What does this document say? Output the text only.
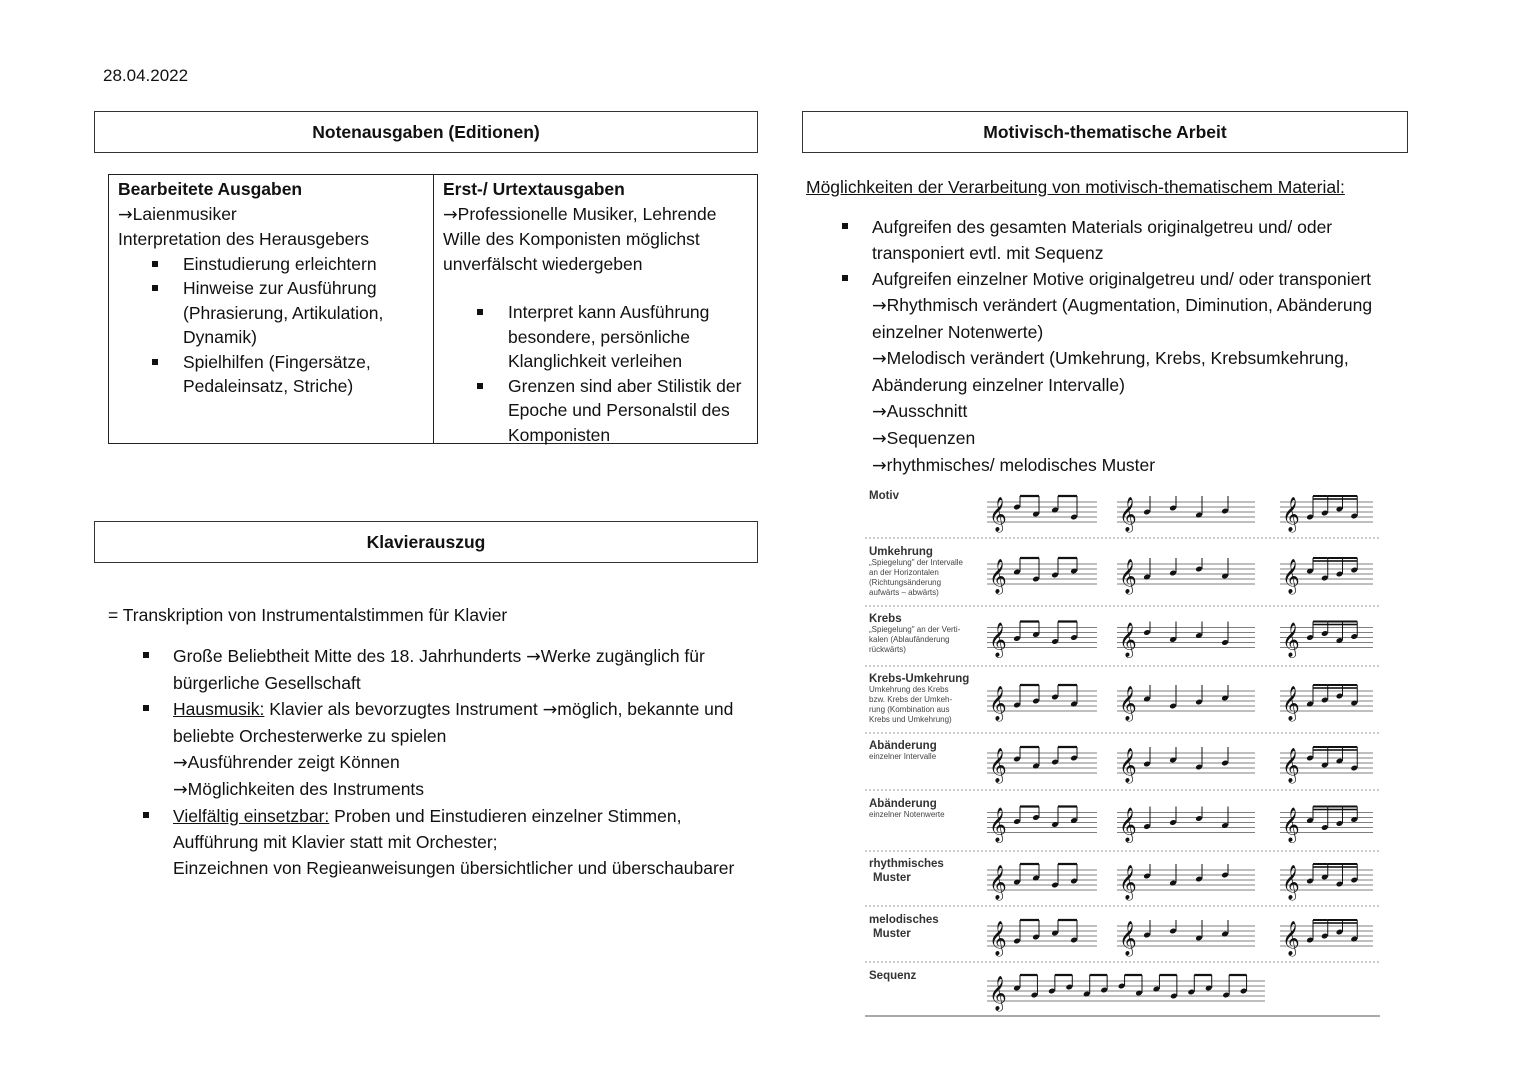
28.04.2022
Notenausgaben (Editionen)
Bearbeitete Ausgaben
→Laienmusiker
Interpretation des Herausgebers
Einstudierung erleichtern
Hinweise zur Ausführung (Phrasierung, Artikulation, Dynamik)
Spielhilfen (Fingersätze, Pedaleinsatz, Striche)
Erst-/ Urtextausgaben
→Professionelle Musiker, Lehrende
Wille des Komponisten möglichst unverfälscht wiedergeben
Interpret kann Ausführung besondere, persönliche Klanglichkeit verleihen
Grenzen sind aber Stilistik der Epoche und Personalstil des Komponisten
Klavierauszug
= Transkription von Instrumentalstimmen für Klavier
Große Beliebtheit Mitte des 18. Jahrhunderts →Werke zugänglich für bürgerliche Gesellschaft
Hausmusik: Klavier als bevorzugtes Instrument →möglich, bekannte und beliebte Orchesterwerke zu spielen
→Ausführender zeigt Können
→Möglichkeiten des Instruments
Vielfältig einsetzbar: Proben und Einstudieren einzelner Stimmen, Aufführung mit Klavier statt mit Orchester;
Einzeichnen von Regieanweisungen übersichtlicher und überschaubarer
Motivisch-thematische Arbeit
Möglichkeiten der Verarbeitung von motivisch-thematischem Material:
Aufgreifen des gesamten Materials originalgetreu und/ oder transponiert evtl. mit Sequenz
Aufgreifen einzelner Motive originalgetreu und/ oder transponiert
→Rhythmisch verändert (Augmentation, Diminution, Abänderung einzelner Notenwerte)
→Melodisch verändert (Umkehrung, Krebs, Krebsumkehrung, Abänderung einzelner Intervalle)
→Ausschnitt
→Sequenzen
→rhythmisches/ melodisches Muster
Motiv
𝄞	𝄞	𝄞
Umkehrung
„Spiegelung" der Intervalle
an der Horizontalen
(Richtungsänderung
aufwärts – abwärts) 𝄞	𝄞	𝄞
Krebs
„Spiegelung" an der Verti-
kalen (Ablaufänderung
rückwärts)	𝄞	𝄞	𝄞
Krebs-Umkehrung
Umkehrung des Krebs
bzw. Krebs der Umkeh-
rung (Kombination aus
Krebs und Umkehrung) 𝄞	𝄞	𝄞
Abänderung
einzelner Intervalle 𝄞	𝄞	𝄞
Abänderung
einzelner Notenwerte 𝄞	𝄞	𝄞
rhythmisches
Muster	𝄞	𝄞	𝄞
melodisches
Muster	𝄞	𝄞	𝄞
Sequenz 𝄞
